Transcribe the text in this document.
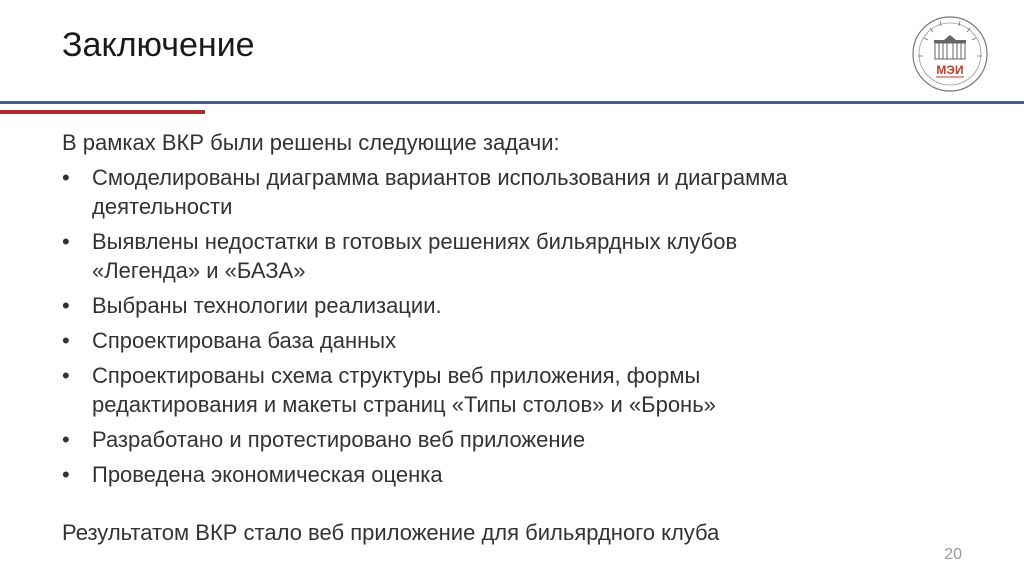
Заключение
МЭИ
В рамках ВКР были решены следующие задачи:
• Смоделированы диаграмма вариантов использования и диаграмма
деятельности
• Выявлены недостатки в готовых решениях бильярдных клубов
«Легенда» и «БАЗА»
• Выбраны технологии реализации.
• Спроектирована база данных
• Спроектированы схема структуры веб приложения, формы
редактирования и макеты страниц «Типы столов» и «Бронь»
• Разработано и протестировано веб приложение
• Проведена экономическая оценка
Результатом ВКР стало веб приложение для бильярдного клуба
20
